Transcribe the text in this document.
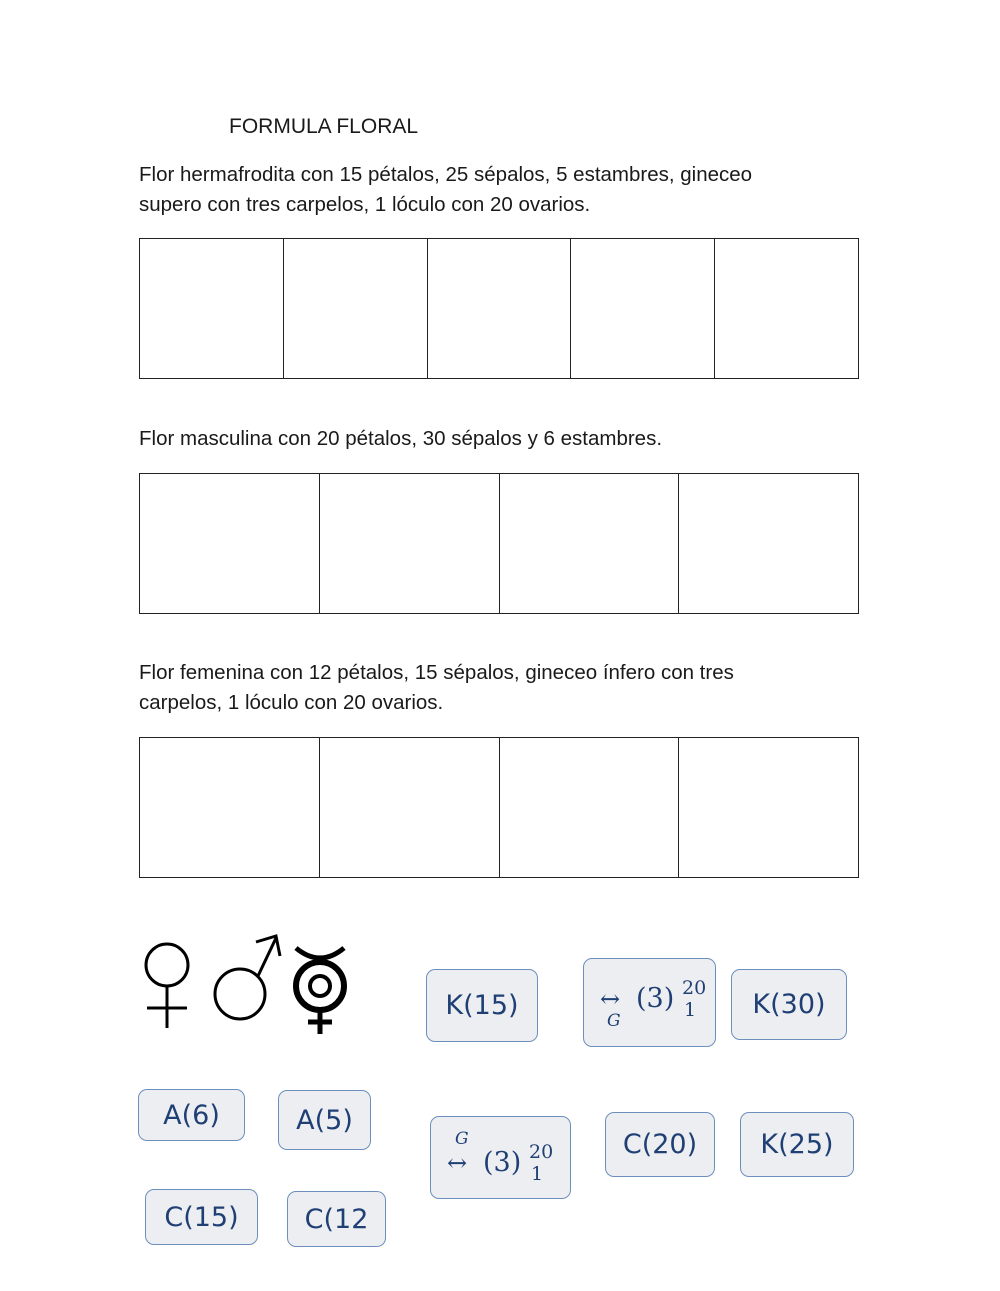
FORMULA FLORAL
Flor hermafrodita con 15 pétalos, 25 sépalos, 5 estambres, gineceo
supero con tres carpelos, 1 lóculo con 20 ovarios.
Flor masculina con 20 pétalos, 30 sépalos y 6 estambres.
Flor femenina con 12 pétalos, 15 sépalos, gineceo ínfero con tres
carpelos, 1 lóculo con 20 ovarios.
K(15)	↔
G
(3) 20
1	K(30)
A(6)	A(5)
G
↔ (3) 20
1
C(20)	K(25)
C(15)	C(12
